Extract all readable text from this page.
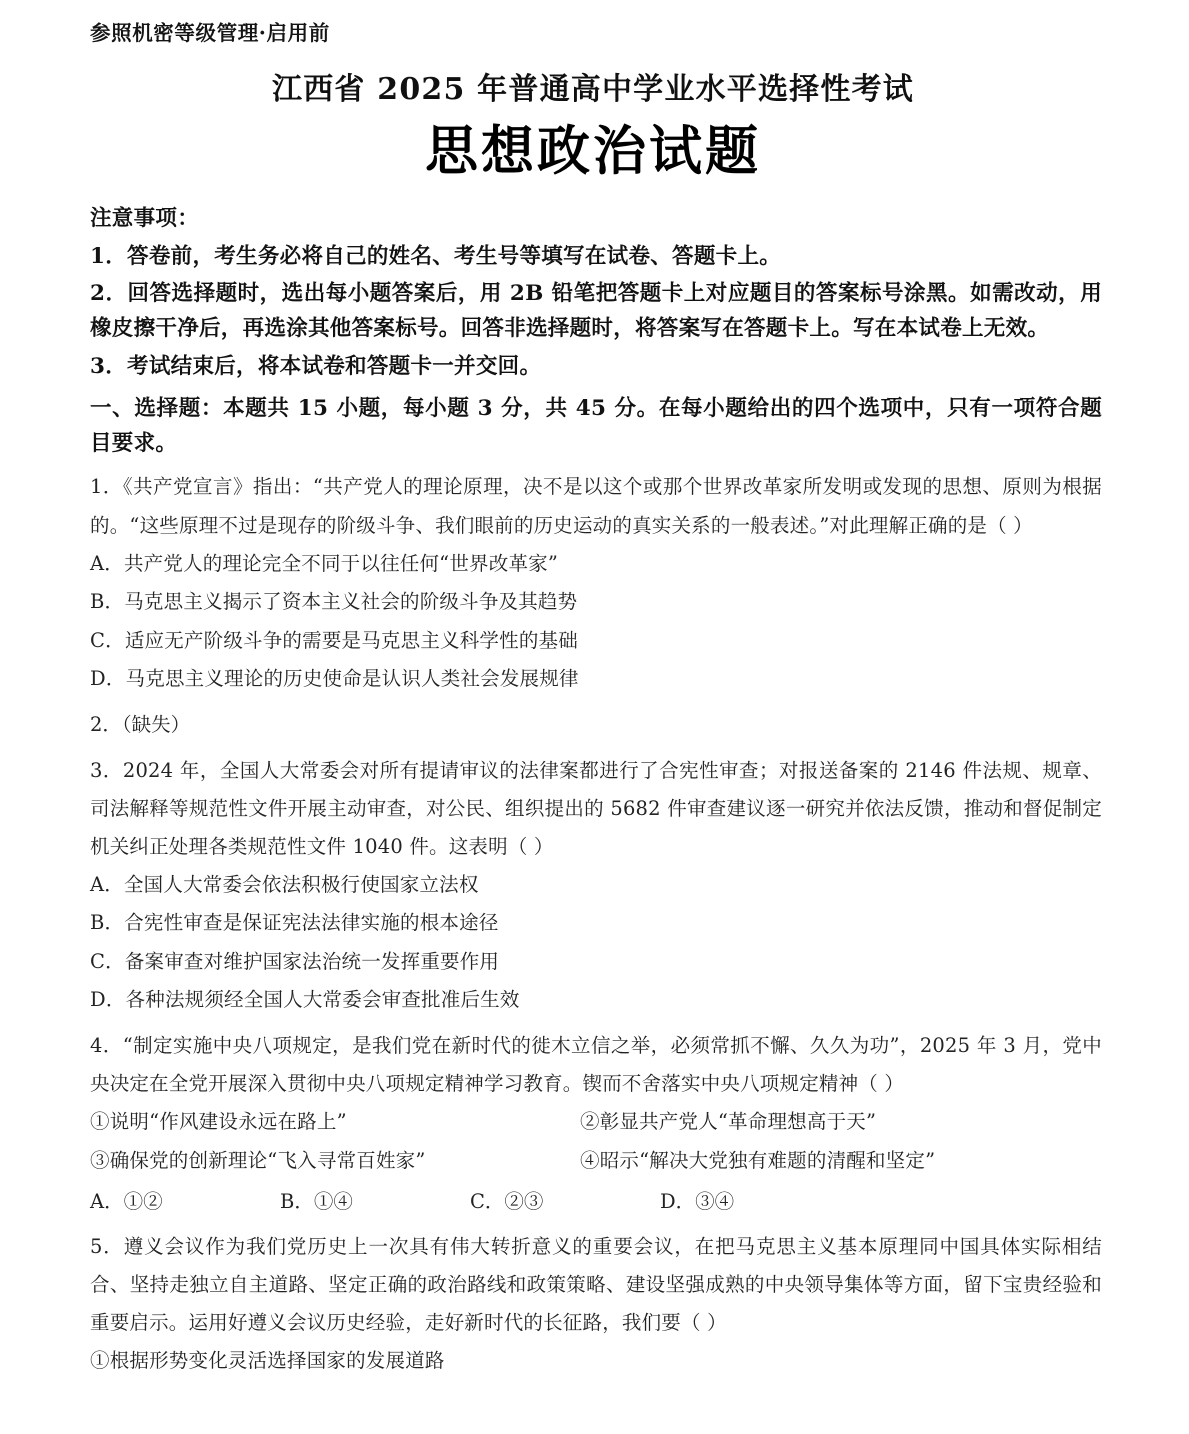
参照机密等级管理·启用前
江西省 2025 年普通高中学业水平选择性考试
思想政治试题
注意事项：
1．答卷前，考生务必将自己的姓名、考生号等填写在试卷、答题卡上。
2．回答选择题时，选出每小题答案后，用 2B 铅笔把答题卡上对应题目的答案标号涂黑。如需改动，用橡皮擦干净后，再选涂其他答案标号。回答非选择题时，将答案写在答题卡上。写在本试卷上无效。
3．考试结束后，将本试卷和答题卡一并交回。
一、选择题：本题共 15 小题，每小题 3 分，共 45 分。在每小题给出的四个选项中，只有一项符合题目要求。
1．《共产党宣言》指出：“共产党人的理论原理，决不是以这个或那个世界改革家所发明或发现的思想、原则为根据的。“这些原理不过是现存的阶级斗争、我们眼前的历史运动的真实关系的一般表述。”对此理解正确的是（ ）
A．共产党人的理论完全不同于以往任何“世界改革家”
B．马克思主义揭示了资本主义社会的阶级斗争及其趋势
C．适应无产阶级斗争的需要是马克思主义科学性的基础
D．马克思主义理论的历史使命是认识人类社会发展规律
2．（缺失）
3．2024 年，全国人大常委会对所有提请审议的法律案都进行了合宪性审查；对报送备案的 2146 件法规、规章、司法解释等规范性文件开展主动审查，对公民、组织提出的 5682 件审查建议逐一研究并依法反馈，推动和督促制定机关纠正处理各类规范性文件 1040 件。这表明（ ）
A．全国人大常委会依法积极行使国家立法权
B．合宪性审查是保证宪法法律实施的根本途径
C．备案审查对维护国家法治统一发挥重要作用
D．各种法规须经全国人大常委会审查批准后生效
4．“制定实施中央八项规定，是我们党在新时代的徙木立信之举，必须常抓不懈、久久为功”，2025 年 3 月，党中央决定在全党开展深入贯彻中央八项规定精神学习教育。锲而不舍落实中央八项规定精神（ ）
①说明“作风建设永远在路上”	②彰显共产党人“革命理想高于天”
③确保党的创新理论“飞入寻常百姓家”	④昭示“解决大党独有难题的清醒和坚定”
A．①②	B．①④	C．②③	D．③④
5．遵义会议作为我们党历史上一次具有伟大转折意义的重要会议，在把马克思主义基本原理同中国具体实际相结合、坚持走独立自主道路、坚定正确的政治路线和政策策略、建设坚强成熟的中央领导集体等方面，留下宝贵经验和重要启示。运用好遵义会议历史经验，走好新时代的长征路，我们要（ ）
①根据形势变化灵活选择国家的发展道路
